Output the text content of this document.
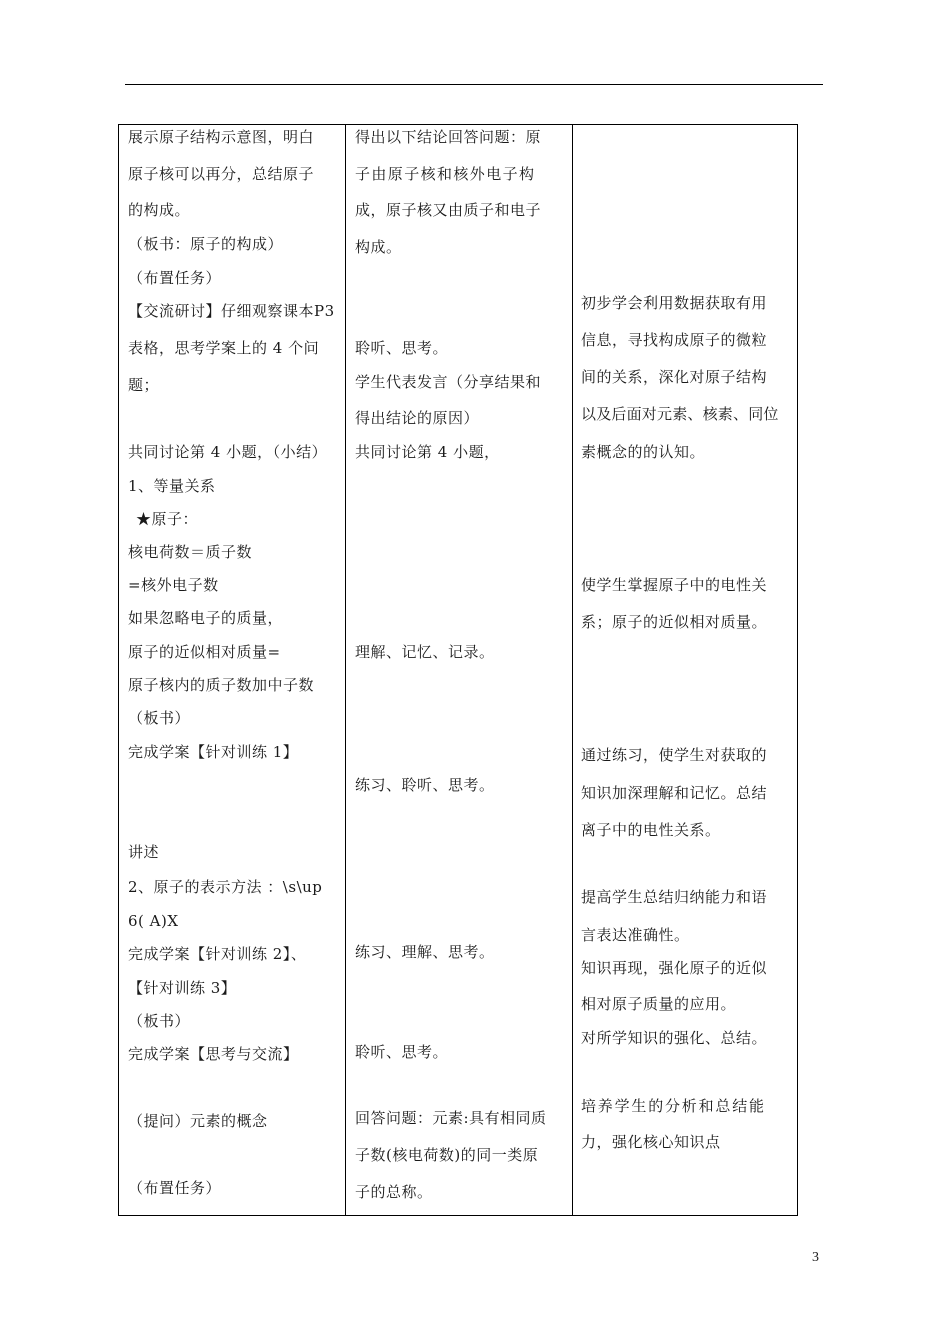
展示原子结构示意图，明白
原子核可以再分，总结原子
的构成。
（板书：原子的构成）
（布置任务）
【交流研讨】仔细观察课本P3
表格，思考学案上的 4 个问
题；
共同讨论第 4 小题，（小结）
1、等量关系
★原子：
核电荷数＝质子数
=核外电子数
如果忽略电子的质量，
原子的近似相对质量=
原子核内的质子数加中子数
（板书）
完成学案【针对训练 1】
讲述
2、原子的表示方法 ：\s\up
6( A)X
完成学案【针对训练 2】、
【针对训练 3】
（板书）
完成学案【思考与交流】
（提问）元素的概念
（布置任务）
得出以下结论回答问题：原
子由原子核和核外电子构
成，原子核又由质子和电子
构成。
聆听、思考。
学生代表发言（分享结果和
得出结论的原因）
共同讨论第 4 小题，
理解、记忆、记录。
练习、聆听、思考。
练习、理解、思考。
聆听、思考。
回答问题：元素:具有相同质
子数(核电荷数)的同一类原
子的总称。
初步学会利用数据获取有用
信息，寻找构成原子的微粒
间的关系，深化对原子结构
以及后面对元素、核素、同位
素概念的的认知。
使学生掌握原子中的电性关
系；原子的近似相对质量。
通过练习，使学生对获取的
知识加深理解和记忆。总结
离子中的电性关系。
提高学生总结归纳能力和语
言表达准确性。
知识再现，强化原子的近似
相对原子质量的应用。
对所学知识的强化、总结。
培养学生的分析和总结能
力，强化核心知识点
3
